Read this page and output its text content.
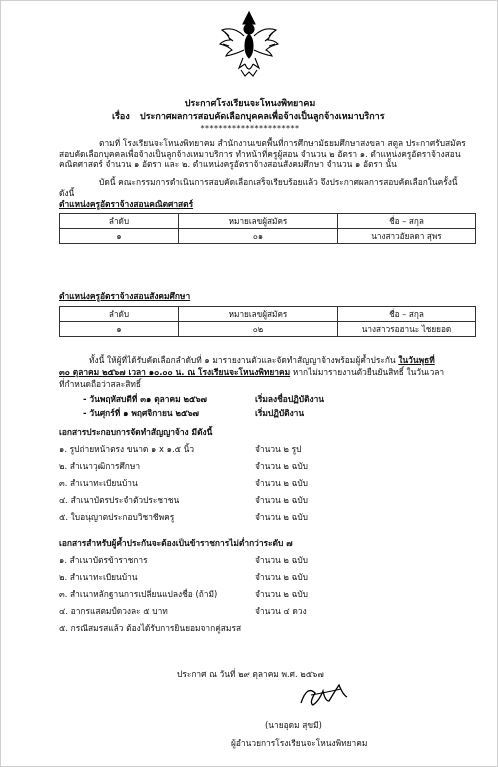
ประกาศโรงเรียนจะโหนงพิทยาคม
เรื่อง ประกาศผลการสอบคัดเลือกบุคคลเพื่อจ้างเป็นลูกจ้างเหมาบริการ
**********************
ตามที่ โรงเรียนจะโหนงพิทยาคม สำนักงานเขตพื้นที่การศึกษามัธยมศึกษาสงขลา สตูล ประกาศรับสมัครสอบคัดเลือกบุคคลเพื่อจ้างเป็นลูกจ้างเหมาบริการ ทำหน้าที่ครูผู้สอน จำนวน ๒ อัตรา ๑. ตำแหน่งครูอัตราจ้างสอนคณิตศาสตร์ จำนวน ๑ อัตรา และ ๒. ตำแหน่งครูอัตราจ้างสอนสังคมศึกษา จำนวน ๑ อัตรา นั้น
บัดนี้ คณะกรรมการดำเนินการสอบคัดเลือกเสร็จเรียบร้อยแล้ว จึงประกาศผลการสอบคัดเลือกในครั้งนี้ ดังนี้
ตำแหน่งครูอัตราจ้างสอนคณิตศาสตร์
ลำดับ	หมายเลขผู้สมัคร	ชื่อ – สกุล
๑	๐๑	นางสาวอัยลดา สุพร
ตำแหน่งครูอัตราจ้างสอนสังคมศึกษา
ลำดับ	หมายเลขผู้สมัคร	ชื่อ – สกุล
๑	๐๒	นางสาวรอฮานะ ไชยยอด
ทั้งนี้ ให้ผู้ที่ได้รับคัดเลือกลำดับที่ ๑ มารายงานตัวและจัดทำสัญญาจ้างพร้อมผู้ค้ำประกัน ในวันพุธที่
๓๐ ตุลาคม ๒๕๖๗ เวลา ๑๐.๐๐ น. ณ โรงเรียนจะโหนงพิทยาคม หากไม่มารายงานตัวยืนยันสิทธิ์ ในวันเวลา
ที่กำหนดถือว่าสละสิทธิ์
- วันพฤหัสบดีที่ ๓๑ ตุลาคม ๒๕๖๗	เริ่มลงชื่อปฏิบัติงาน
- วันศุกร์ที่ ๑ พฤศจิกายน ๒๕๖๗	เริ่มปฏิบัติงาน
เอกสารประกอบการจัดทำสัญญาจ้าง มีดังนี้
๑. รูปถ่ายหน้าตรง ขนาด ๑ x ๑.๕ นิ้ว	จำนวน ๒ รูป
๒. สำเนาวุฒิการศึกษา	จำนวน ๒ ฉบับ
๓. สำเนาทะเบียนบ้าน	จำนวน ๒ ฉบับ
๔. สำเนาบัตรประจำตัวประชาชน	จำนวน ๒ ฉบับ
๕. ใบอนุญาตประกอบวิชาชีพครู	จำนวน ๒ ฉบับ
เอกสารสำหรับผู้ค้ำประกันจะต้องเป็นข้าราชการไม่ต่ำกว่าระดับ ๗
๑. สำเนาบัตรข้าราชการ	จำนวน ๒ ฉบับ
๒. สำเนาทะเบียนบ้าน	จำนวน ๒ ฉบับ
๓. สำเนาหลักฐานการเปลี่ยนแปลงชื่อ (ถ้ามี)	จำนวน ๒ ฉบับ
๔. อากรแสตมป์ดวงละ ๕ บาท	จำนวน ๔ ดวง
๕. กรณีสมรสแล้ว ต้องได้รับการยินยอมจากคู่สมรส
ประกาศ ณ วันที่ ๒๙ ตุลาคม พ.ศ. ๒๕๖๗
(นายอุดม สุขมี)
ผู้อำนวยการโรงเรียนจะโหนงพิทยาคม
